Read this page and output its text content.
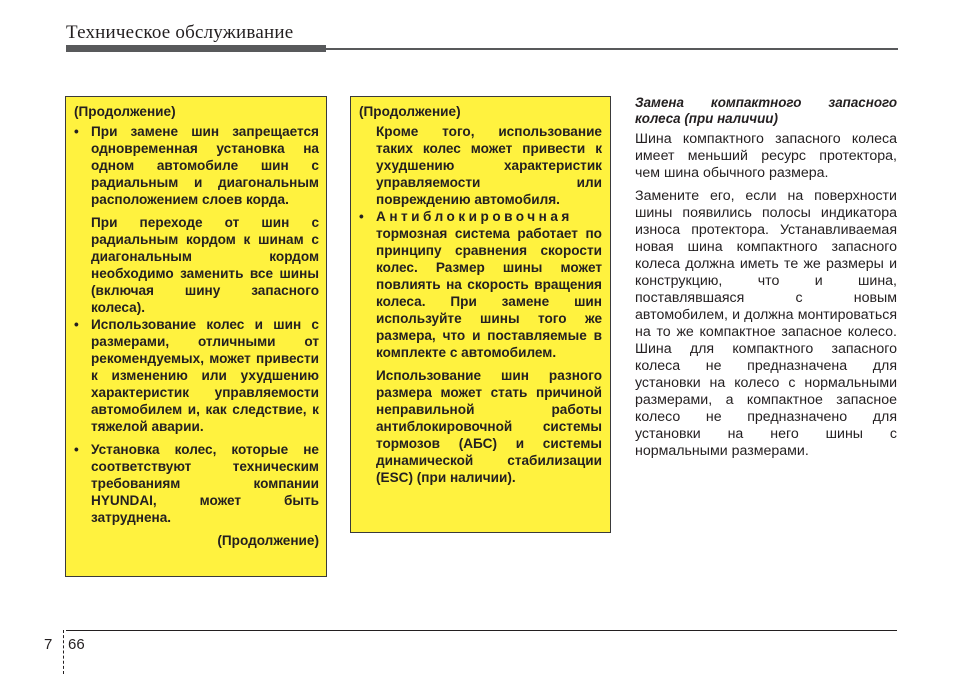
Техническое обслуживание

(Продолжение)

• При замене шин запрещается одновременная установка на одном автомобиле шин с радиальным и диагональным расположением слоев корда.

При переходе от шин с радиальным кордом к шинам с диагональным кордом необходимо заменить все шины (включая шину запасного колеса).

• Использование колес и шин с размерами, отличными от рекомендуемых, может привести к изменению или ухудшению характеристик управляемости автомобилем и, как следствие, к тяжелой аварии.

• Установка колес, которые не соответствуют техническим требованиям компании HYUNDAI, может быть затруднена.

(Продолжение)

(Продолжение)

Кроме того, использование таких колес может привести к ухудшению характеристик управляемости или повреждению автомобиля.

• Антиблокировочная тормозная система работает по принципу сравнения скорости колес. Размер шины может повлиять на скорость вращения колеса. При замене шин используйте шины того же размера, что и поставляемые в комплекте с автомобилем.

Использование шин разного размера может стать причиной неправильной работы антиблокировочной системы тормозов (АБС) и системы динамической стабилизации (ESC) (при наличии).

Замена компактного запасного колеса (при наличии)

Шина компактного запасного колеса имеет меньший ресурс протектора, чем шина обычного размера.

Замените его, если на поверхности шины появились полосы индикатора износа протектора. Устанавливаемая новая шина компактного запасного колеса должна иметь те же размеры и конструкцию, что и шина, поставлявшаяся с новым автомобилем, и должна монтироваться на то же компактное запасное колесо. Шина для компактного запасного колеса не предназначена для установки на колесо с нормальными размерами, а компактное запасное колесо не предназначено для установки на него шины с нормальными размерами.

7 66
